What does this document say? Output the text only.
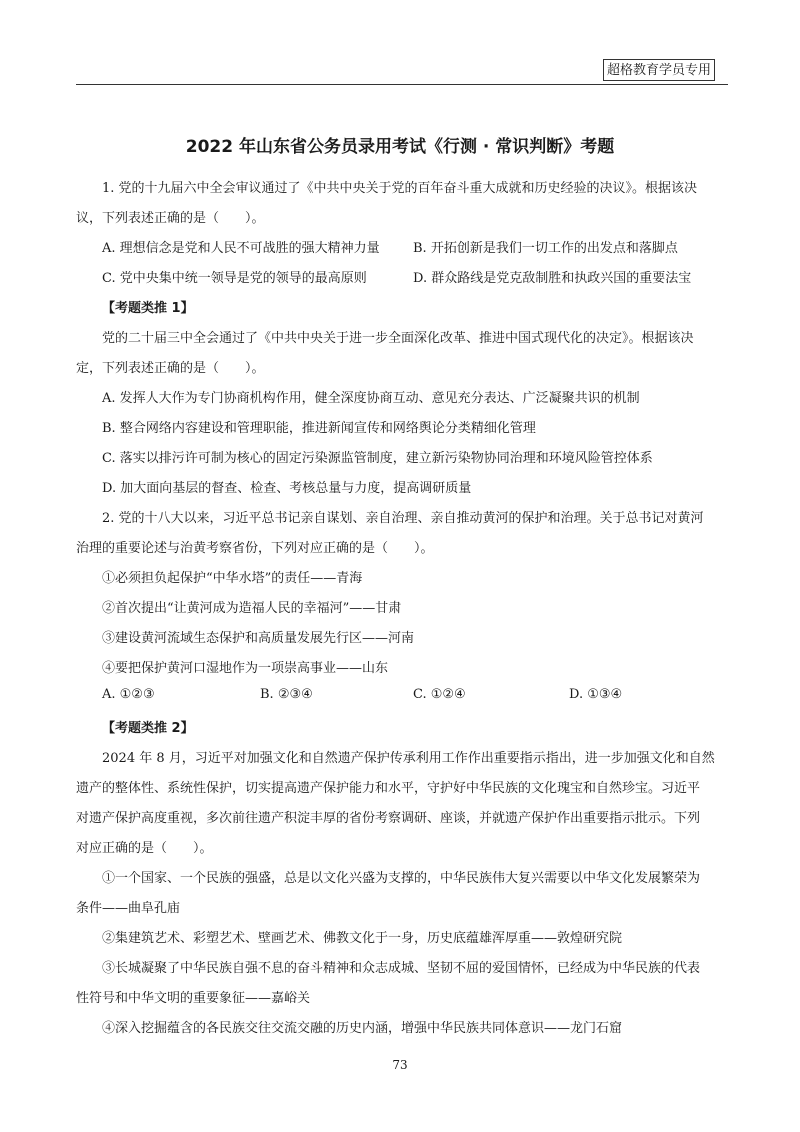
超格教育学员专用
2022 年山东省公务员录用考试《行测 · 常识判断》考题
1. 党的十九届六中全会审议通过了《中共中央关于党的百年奋斗重大成就和历史经验的决议》。根据该决
议，下列表述正确的是（　　）。
A. 理想信念是党和人民不可战胜的强大精神力量	B. 开拓创新是我们一切工作的出发点和落脚点
C. 党中央集中统一领导是党的领导的最高原则	D. 群众路线是党克敌制胜和执政兴国的重要法宝
【考题类推 1】
党的二十届三中全会通过了《中共中央关于进一步全面深化改革、推进中国式现代化的决定》。根据该决
定，下列表述正确的是（　　）。
A. 发挥人大作为专门协商机构作用，健全深度协商互动、意见充分表达、广泛凝聚共识的机制
B. 整合网络内容建设和管理职能，推进新闻宣传和网络舆论分类精细化管理
C. 落实以排污许可制为核心的固定污染源监管制度，建立新污染物协同治理和环境风险管控体系
D. 加大面向基层的督查、检查、考核总量与力度，提高调研质量
2. 党的十八大以来，习近平总书记亲自谋划、亲自治理、亲自推动黄河的保护和治理。关于总书记对黄河
治理的重要论述与治黄考察省份，下列对应正确的是（　　）。
①必须担负起保护“中华水塔”的责任——青海
②首次提出“让黄河成为造福人民的幸福河”——甘肃
③建设黄河流域生态保护和高质量发展先行区——河南
④要把保护黄河口湿地作为一项崇高事业——山东
A. ①②③	B. ②③④	C. ①②④	D. ①③④
【考题类推 2】
2024 年 8 月，习近平对加强文化和自然遗产保护传承利用工作作出重要指示指出，进一步加强文化和自然
遗产的整体性、系统性保护，切实提高遗产保护能力和水平，守护好中华民族的文化瑰宝和自然珍宝。习近平
对遗产保护高度重视，多次前往遗产积淀丰厚的省份考察调研、座谈，并就遗产保护作出重要指示批示。下列
对应正确的是（　　）。
①一个国家、一个民族的强盛，总是以文化兴盛为支撑的，中华民族伟大复兴需要以中华文化发展繁荣为
条件——曲阜孔庙
②集建筑艺术、彩塑艺术、壁画艺术、佛教文化于一身，历史底蕴雄浑厚重——敦煌研究院
③长城凝聚了中华民族自强不息的奋斗精神和众志成城、坚韧不屈的爱国情怀，已经成为中华民族的代表
性符号和中华文明的重要象征——嘉峪关
④深入挖掘蕴含的各民族交往交流交融的历史内涵，增强中华民族共同体意识——龙门石窟
73
